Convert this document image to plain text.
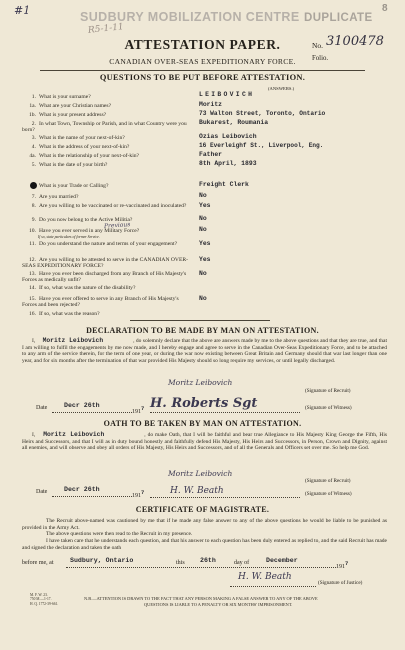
#1	8
SUDBURY MOBILIZATION CENTRE DUPLICATE
R5-1-11
ATTESTATION PAPER.	No. 3100478
Folio.
CANADIAN OVER-SEAS EXPEDITIONARY FORCE.
QUESTIONS TO BE PUT BEFORE ATTESTATION.
(ANSWERS.)
1. What is your surname?	LEIBOVICH
1a. What are your Christian names?	Moritz
1b. What is your present address?	73 Walton Street, Toronto, Ontario
2. In what Town, Township or Parish, and in what Country were you born?
Bukarest, Roumania
3. What is the name of your next-of-kin?	Ozias Leibovich
4. What is the address of your next-of-kin?	16 Everleighf St., Liverpool, Eng.
4a. What is the relationship of your next-of-kin?	Father
5. What is the date of your birth?	8th April, 1893
What is your Trade or Calling?	Freight Clerk
7. Are you married?	No
8. Are you willing to be vaccinated or re-vaccinated and inoculated?	Yes
9. Do you now belong to the Active Militia?	No
Previous
10. Have you ever served in any Military Force?
If so, state particulars of former Service.
No
11. Do you understand the nature and terms of your engagement?	Yes
12. Are you willing to be attested to serve in the CANADIAN OVER-SEAS EXPEDITIONARY FORCE?
Yes
13. Have you ever been discharged from any Branch of His Majesty's Forces as medically unfit?
No
14. If so, what was the nature of the disability?
15. Have you ever offered to serve in any Branch of His Majesty's Forces and been rejected?
No
16. If so, what was the reason?
DECLARATION TO BE MADE BY MAN ON ATTESTATION.
I, Moritz Leibovich	, do solemnly declare that the above are answers made by me to the above questions and that they are true, and that I am willing to fulfil the engagements by me now made, and I hereby engage and agree to serve in the Canadian Over-Seas Expeditionary Force, and to be attached to any arm of the service therein, for the term of one year, or during the war now existing between Great Britain and Germany should that war last longer than one year, and for six months after the termination of that war provided His Majesty should so long require my services, or until legally discharged.
Date	Decr 26th
$191^7$
Moritz Leibovich
(Signature of Recruit)
H. Roberts Sgt	(Signature of Witness)
OATH TO BE TAKEN BY MAN ON ATTESTATION.
I, Moritz Leibovich	, do make Oath, that I will be faithful and bear true Allegiance to His Majesty King George the Fifth, His Heirs and Successors, and that I will as in duty bound honestly and faithfully defend His Majesty, His Heirs and Successors, in Person, Crown and Dignity, against all enemies, and will observe and obey all orders of His Majesty, His Heirs and Successors, and of all the Generals and Officers set over me. So help me God.
Date	Decr 26th
$191^7$
Moritz Leibovich
(Signature of Recruit)
H. W. Beath	(Signature of Witness)
CERTIFICATE OF MAGISTRATE.
The Recruit above-named was cautioned by me that if he made any false answer to any of the above questions he would be liable to be punished as provided in the Army Act.
The above questions were then read to the Recruit in my presence.
I have taken care that he understands each question, and that his answer to each question has been duly entered as replied to, and the said Recruit has made and signed the declaration and taken the oath
before me, at	Sudbury, Ontario	this 26th	day of	December
$191^7$
H. W. Beath
(Signature of Justice)
M. F. W. 23.
750 M.—1-17.
H. Q. 1772-39-661.
N.B.—ATTENTION IS DRAWN TO THE FACT THAT ANY PERSON MAKING A FALSE ANSWER TO ANY OF THE ABOVE
QUESTIONS IS LIABLE TO A PENALTY OR SIX MONTHS' IMPRISONMENT.
